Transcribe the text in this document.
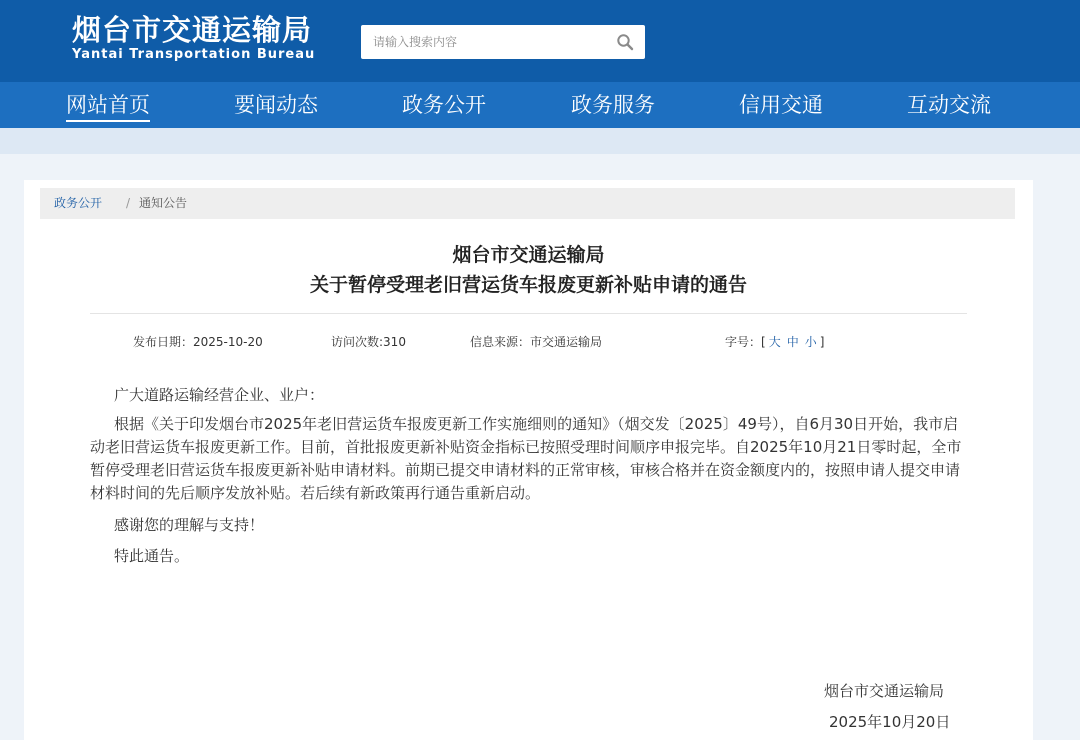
烟台市交通运输局
Yantai Transportation Bureau
请输入搜索内容
网站首页	要闻动态	政务公开	政务服务	信用交通	互动交流
政务公开 / 通知公告
烟台市交通运输局
关于暂停受理老旧营运货车报废更新补贴申请的通告
发布日期：2025-10-20	访问次数:310	信息来源：市交通运输局	字号：[ 大 中 小 ]
广大道路运输经营企业、业户：
根据《关于印发烟台市2025年老旧营运货车报废更新工作实施细则的通知》（烟交发〔2025〕49号），自6月30日开始，我市启动老旧营运货车报废更新工作。目前，首批报废更新补贴资金指标已按照受理时间顺序申报完毕。自2025年10月21日零时起，全市暂停受理老旧营运货车报废更新补贴申请材料。前期已提交申请材料的正常审核，审核合格并在资金额度内的，按照申请人提交申请材料时间的先后顺序发放补贴。若后续有新政策再行通告重新启动。
感谢您的理解与支持！
特此通告。
烟台市交通运输局
2025年10月20日
